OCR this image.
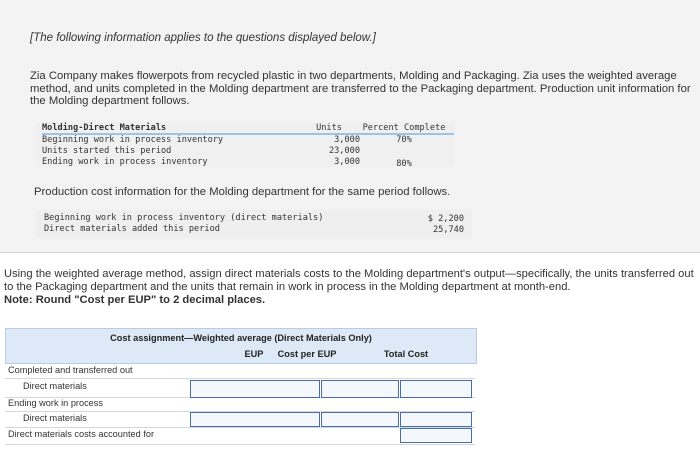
[The following information applies to the questions displayed below.]
Zia Company makes flowerpots from recycled plastic in two departments, Molding and Packaging. Zia uses the weighted average method, and units completed in the Molding department are transferred to the Packaging department. Production unit information for the Molding department follows.
Molding-Direct Materials	Units	Percent Complete
Beginning work in process inventory	3,000	70%
Units started this period	23,000
Ending work in process inventory	3,000	80%
Production cost information for the Molding department for the same period follows.
Beginning work in process inventory (direct materials)	$ 2,200
Direct materials added this period	25,740
Using the weighted average method, assign direct materials costs to the Molding department's output—specifically, the units transferred out to the Packaging department and the units that remain in work in process in the Molding department at month-end.
Note: Round "Cost per EUP" to 2 decimal places.
Cost assignment—Weighted average (Direct Materials Only)
EUP	Cost per EUP	Total Cost
Completed and transferred out
Direct materials
Ending work in process
Direct materials
Direct materials costs accounted for
